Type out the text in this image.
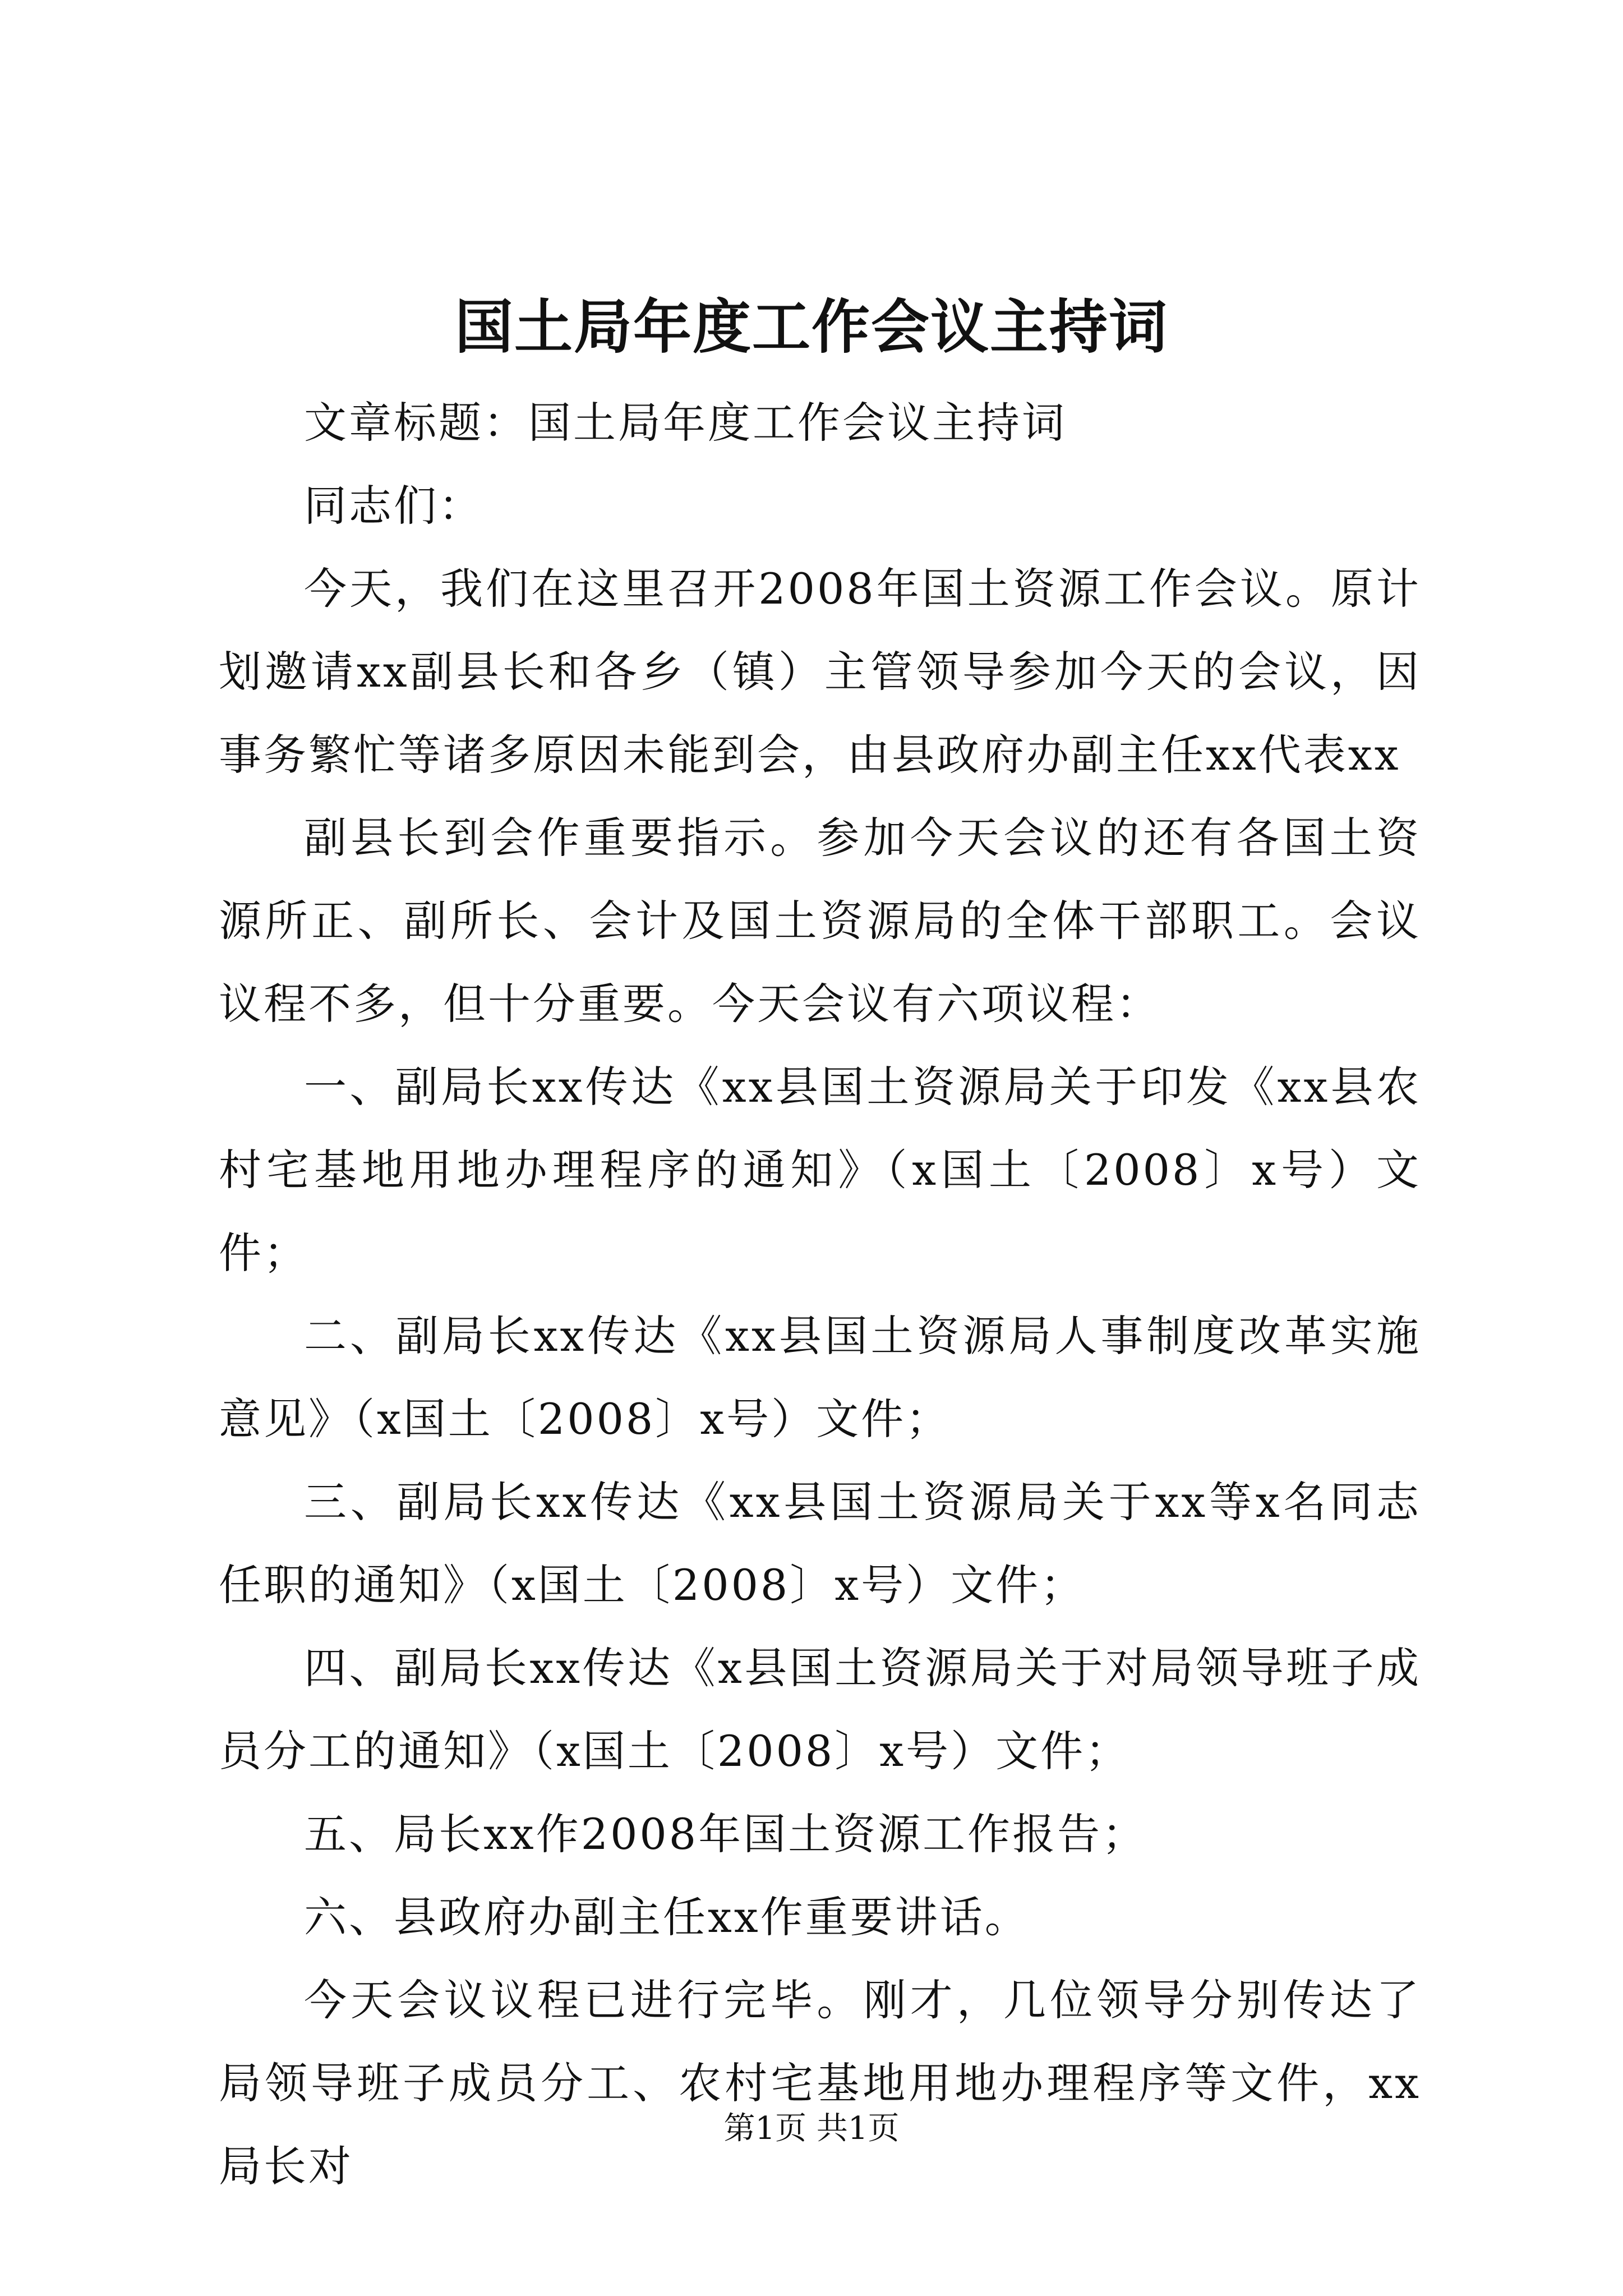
国土局年度工作会议主持词

文章标题：国土局年度工作会议主持词

同志们：

今天，我们在这里召开2008年国土资源工作会议。原计划邀请xx副县长和各乡（镇）主管领导参加今天的会议，因事务繁忙等诸多原因未能到会，由县政府办副主任xx代表xx

副县长到会作重要指示。参加今天会议的还有各国土资源所正、副所长、会计及国土资源局的全体干部职工。会议议程不多，但十分重要。今天会议有六项议程：

一、副局长xx传达《xx县国土资源局关于印发《xx县农村宅基地用地办理程序的通知》（x国土〔2008〕x号）文件；

二、副局长xx传达《xx县国土资源局人事制度改革实施意见》（x国土〔2008〕x号）文件；

三、副局长xx传达《xx县国土资源局关于xx等x名同志任职的通知》（x国土〔2008〕x号）文件；

四、副局长xx传达《x县国土资源局关于对局领导班子成员分工的通知》（x国土〔2008〕x号）文件；

五、局长xx作2008年国土资源工作报告；

六、县政府办副主任xx作重要讲话。

今天会议议程已进行完毕。刚才，几位领导分别传达了局领导班子成员分工、农村宅基地用地办理程序等文件，xx局长对

第1页 共1页
